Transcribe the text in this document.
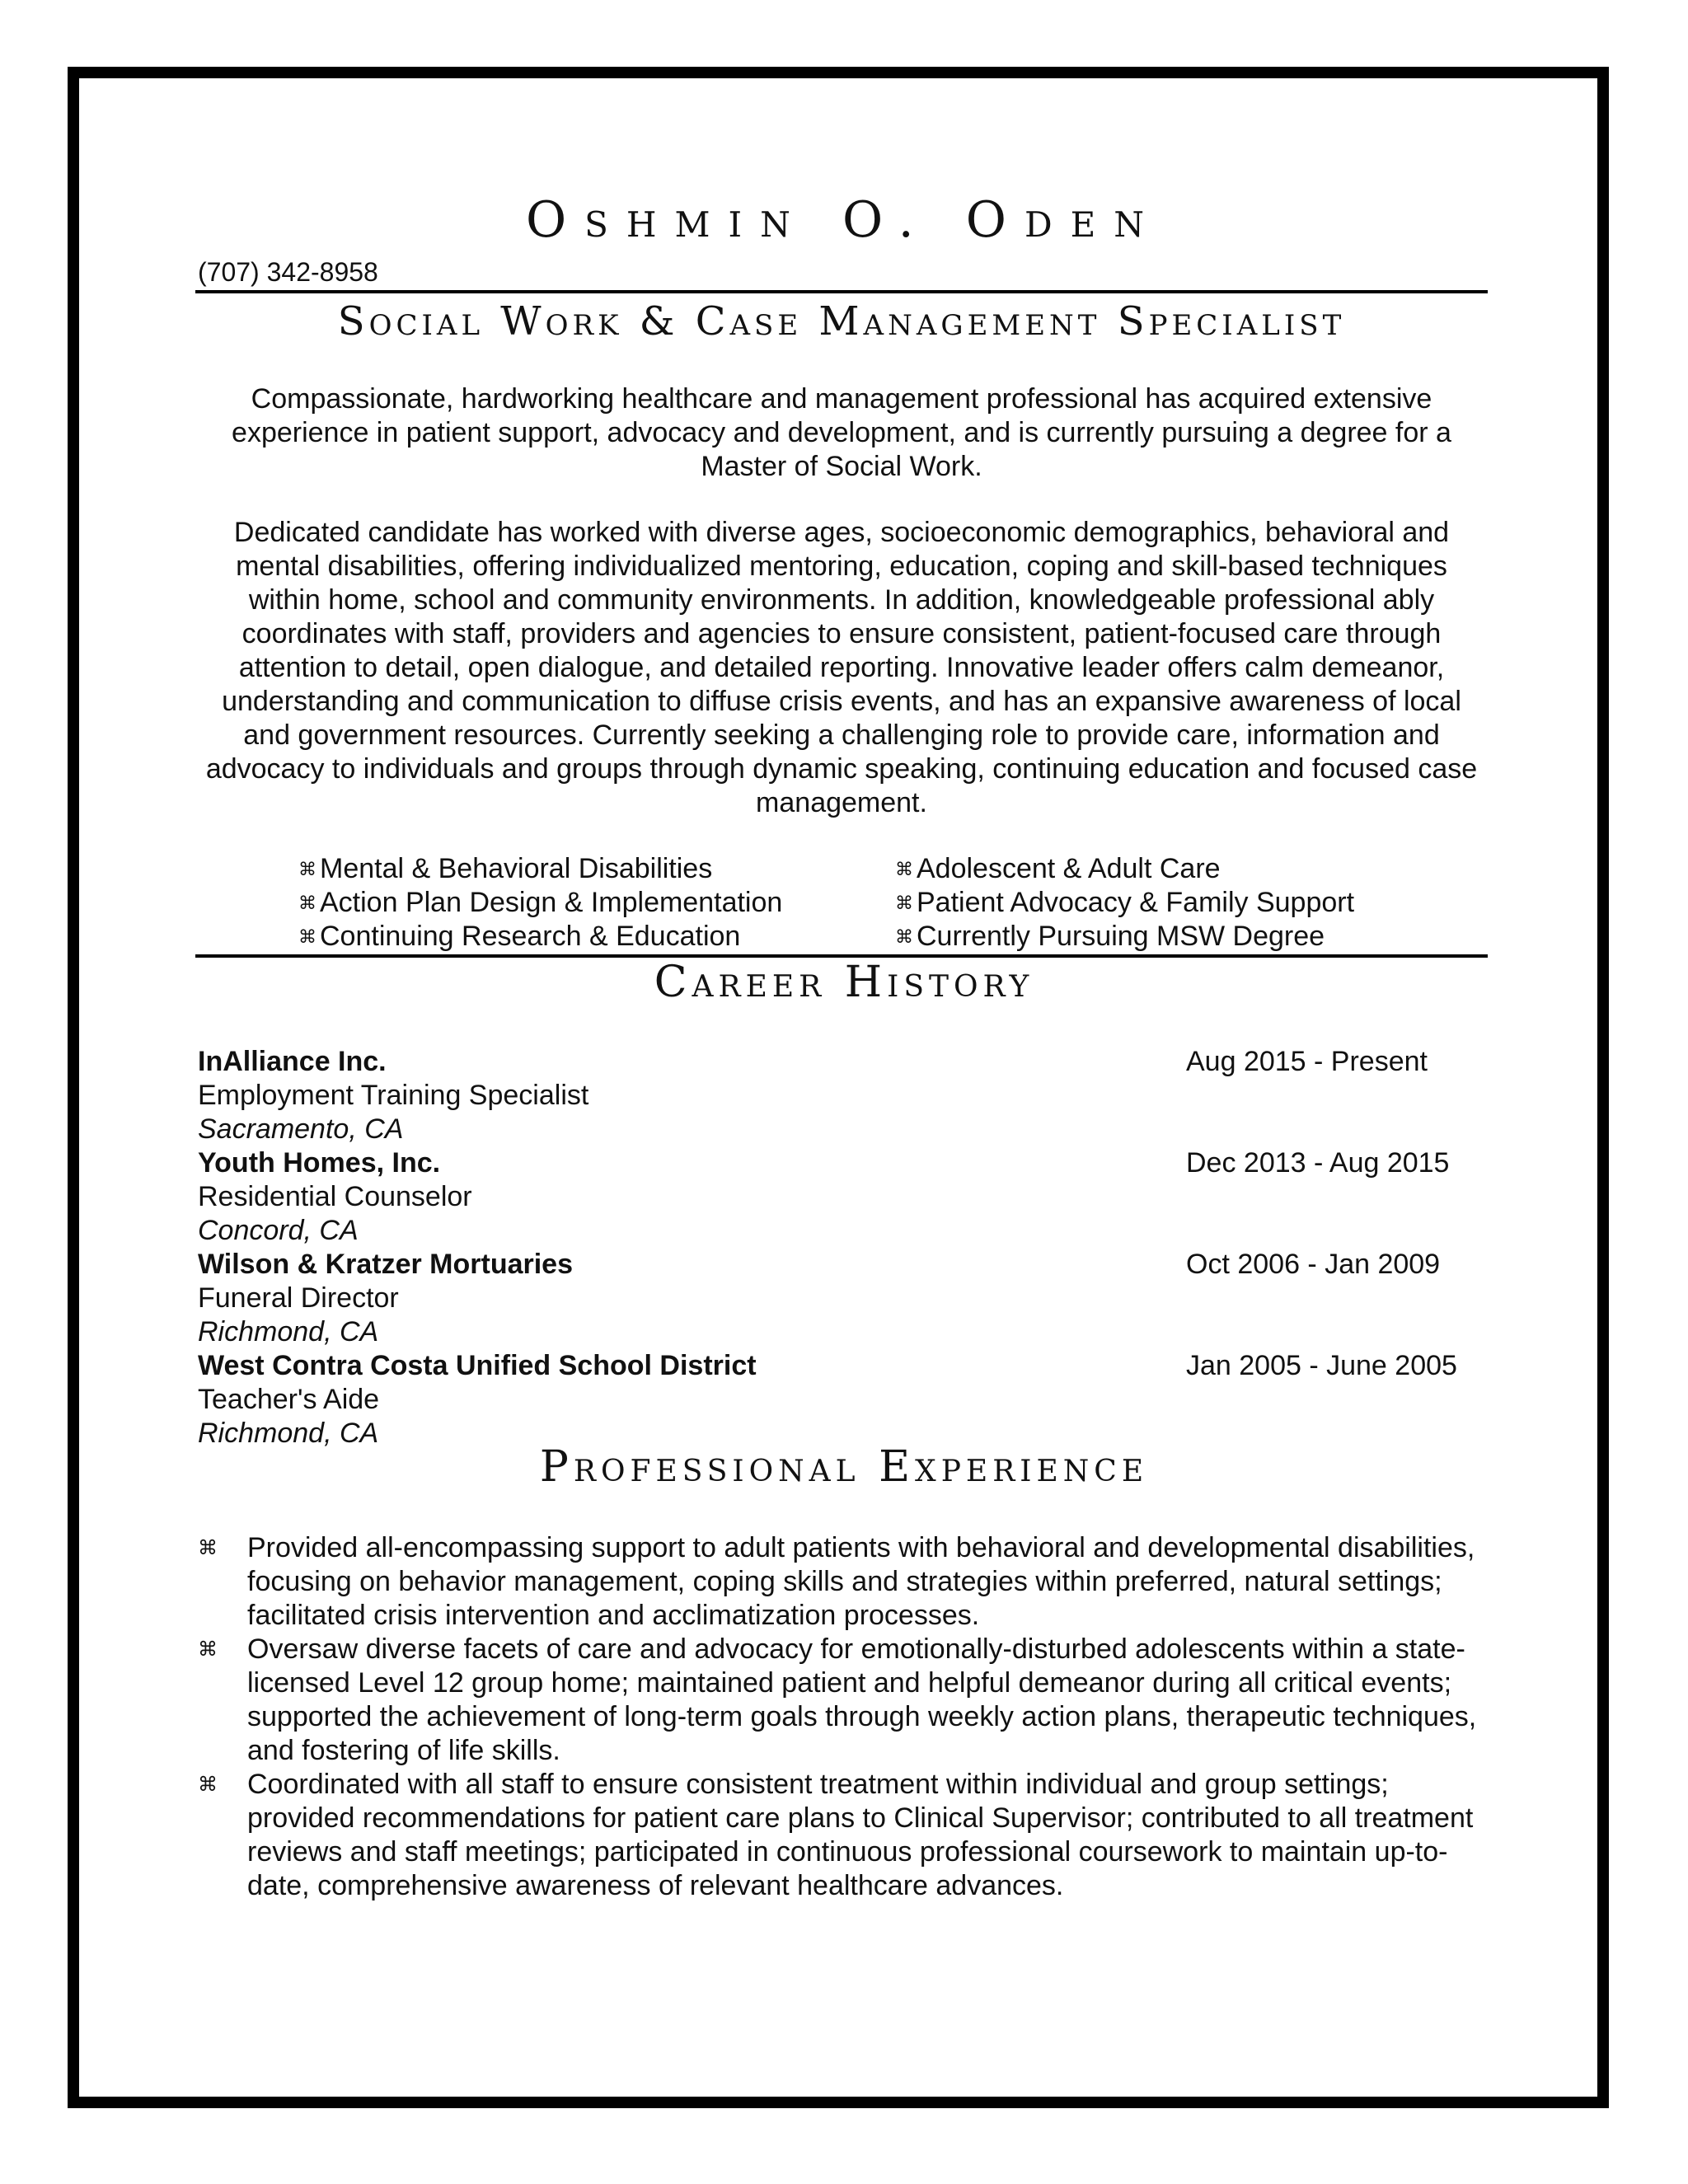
Oshmin O. Oden
(707) 342-8958
Social Work & Case Management Specialist
Compassionate, hardworking healthcare and management professional has acquired extensive experience in patient support, advocacy and development, and is currently pursuing a degree for a Master of Social Work.
Dedicated candidate has worked with diverse ages, socioeconomic demographics, behavioral and mental disabilities, offering individualized mentoring, education, coping and skill-based techniques within home, school and community environments. In addition, knowledgeable professional ably coordinates with staff, providers and agencies to ensure consistent, patient-focused care through attention to detail, open dialogue, and detailed reporting. Innovative leader offers calm demeanor, understanding and communication to diffuse crisis events, and has an expansive awareness of local and government resources. Currently seeking a challenging role to provide care, information and advocacy to individuals and groups through dynamic speaking, continuing education and focused case management.
⌘ Mental & Behavioral Disabilities
⌘ Action Plan Design & Implementation
⌘ Continuing Research & Education
⌘ Adolescent & Adult Care
⌘ Patient Advocacy & Family Support
⌘ Currently Pursuing MSW Degree
Career History
InAlliance Inc.	Aug 2015 - Present
Employment Training Specialist
Sacramento, CA
Youth Homes, Inc.	Dec 2013 - Aug 2015
Residential Counselor
Concord, CA
Wilson & Kratzer Mortuaries	Oct 2006 - Jan 2009
Funeral Director
Richmond, CA
West Contra Costa Unified School District	Jan 2005 - June 2005
Teacher's Aide
Richmond, CA
Professional Experience
⌘ Provided all-encompassing support to adult patients with behavioral and developmental disabilities, focusing on behavior management, coping skills and strategies within preferred, natural settings; facilitated crisis intervention and acclimatization processes.
⌘ Oversaw diverse facets of care and advocacy for emotionally-disturbed adolescents within a state-licensed Level 12 group home; maintained patient and helpful demeanor during all critical events; supported the achievement of long-term goals through weekly action plans, therapeutic techniques, and fostering of life skills.
⌘ Coordinated with all staff to ensure consistent treatment within individual and group settings; provided recommendations for patient care plans to Clinical Supervisor; contributed to all treatment reviews and staff meetings; participated in continuous professional coursework to maintain up-to-date, comprehensive awareness of relevant healthcare advances.
